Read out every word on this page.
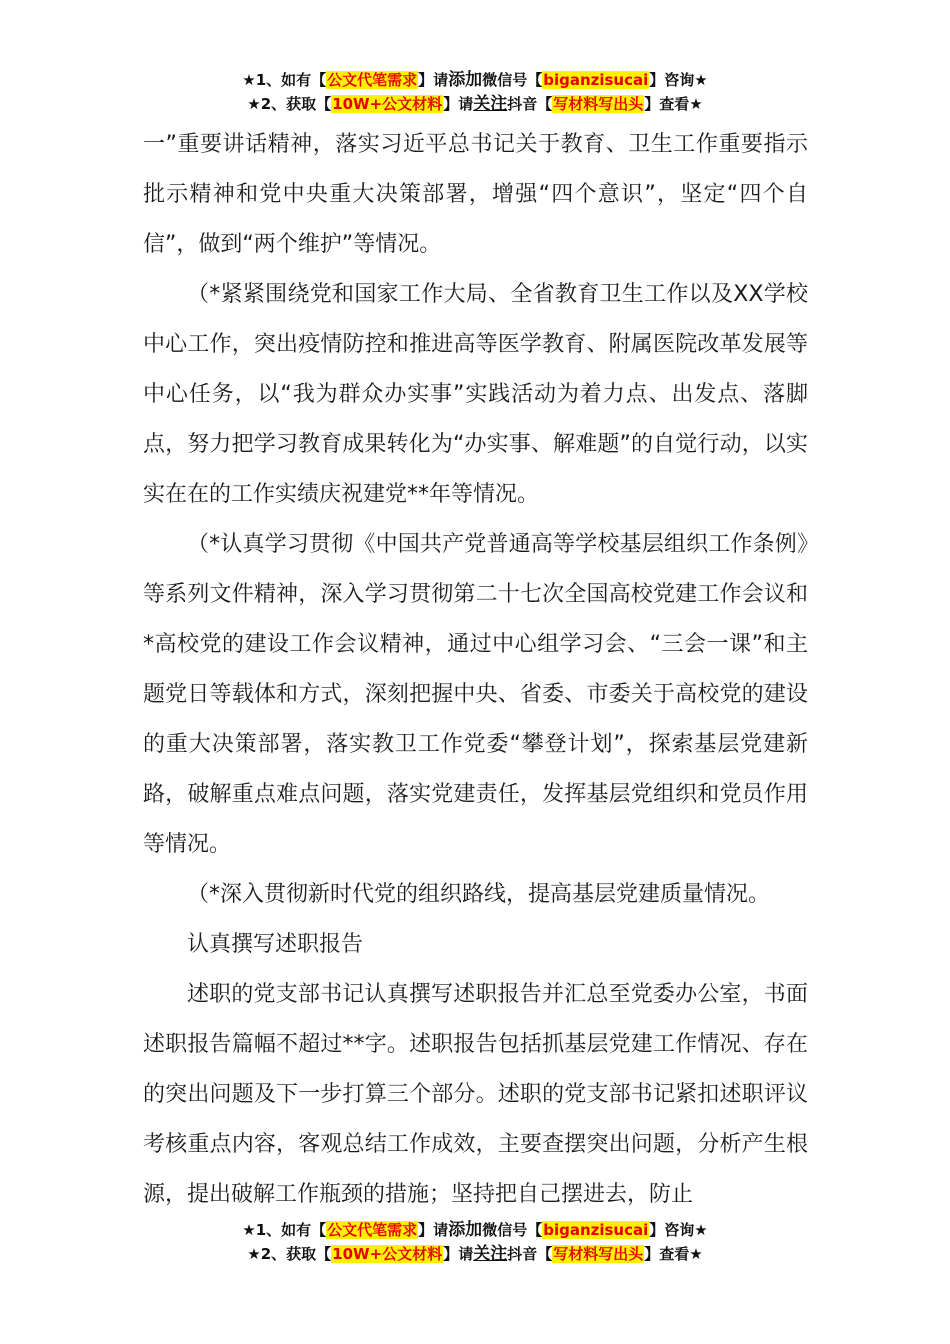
★1、如有【公文代笔需求】请添加微信号【biganzisucai】咨询★
★2、获取【10W+公文材料】请关注抖音【写材料写出头】查看★

一”重要讲话精神，落实习近平总书记关于教育、卫生工作重要指示批示精神和党中央重大决策部署，增强“四个意识”，坚定“四个自信”，做到“两个维护”等情况。

（*紧紧围绕党和国家工作大局、全省教育卫生工作以及XX学校中心工作，突出疫情防控和推进高等医学教育、附属医院改革发展等中心任务，以“我为群众办实事”实践活动为着力点、出发点、落脚点，努力把学习教育成果转化为“办实事、解难题”的自觉行动，以实实在在的工作实绩庆祝建党**年等情况。

（*认真学习贯彻《中国共产党普通高等学校基层组织工作条例》等系列文件精神，深入学习贯彻第二十七次全国高校党建工作会议和*高校党的建设工作会议精神，通过中心组学习会、“三会一课”和主题党日等载体和方式，深刻把握中央、省委、市委关于高校党的建设的重大决策部署，落实教卫工作党委“攀登计划”，探索基层党建新路，破解重点难点问题，落实党建责任，发挥基层党组织和党员作用等情况。

（*深入贯彻新时代党的组织路线，提高基层党建质量情况。

认真撰写述职报告

述职的党支部书记认真撰写述职报告并汇总至党委办公室，书面述职报告篇幅不超过**字。述职报告包括抓基层党建工作情况、存在的突出问题及下一步打算三个部分。述职的党支部书记紧扣述职评议考核重点内容，客观总结工作成效，主要查摆突出问题，分析产生根源，提出破解工作瓶颈的措施；坚持把自己摆进去，防止

★1、如有【公文代笔需求】请添加微信号【biganzisucai】咨询★
★2、获取【10W+公文材料】请关注抖音【写材料写出头】查看★
